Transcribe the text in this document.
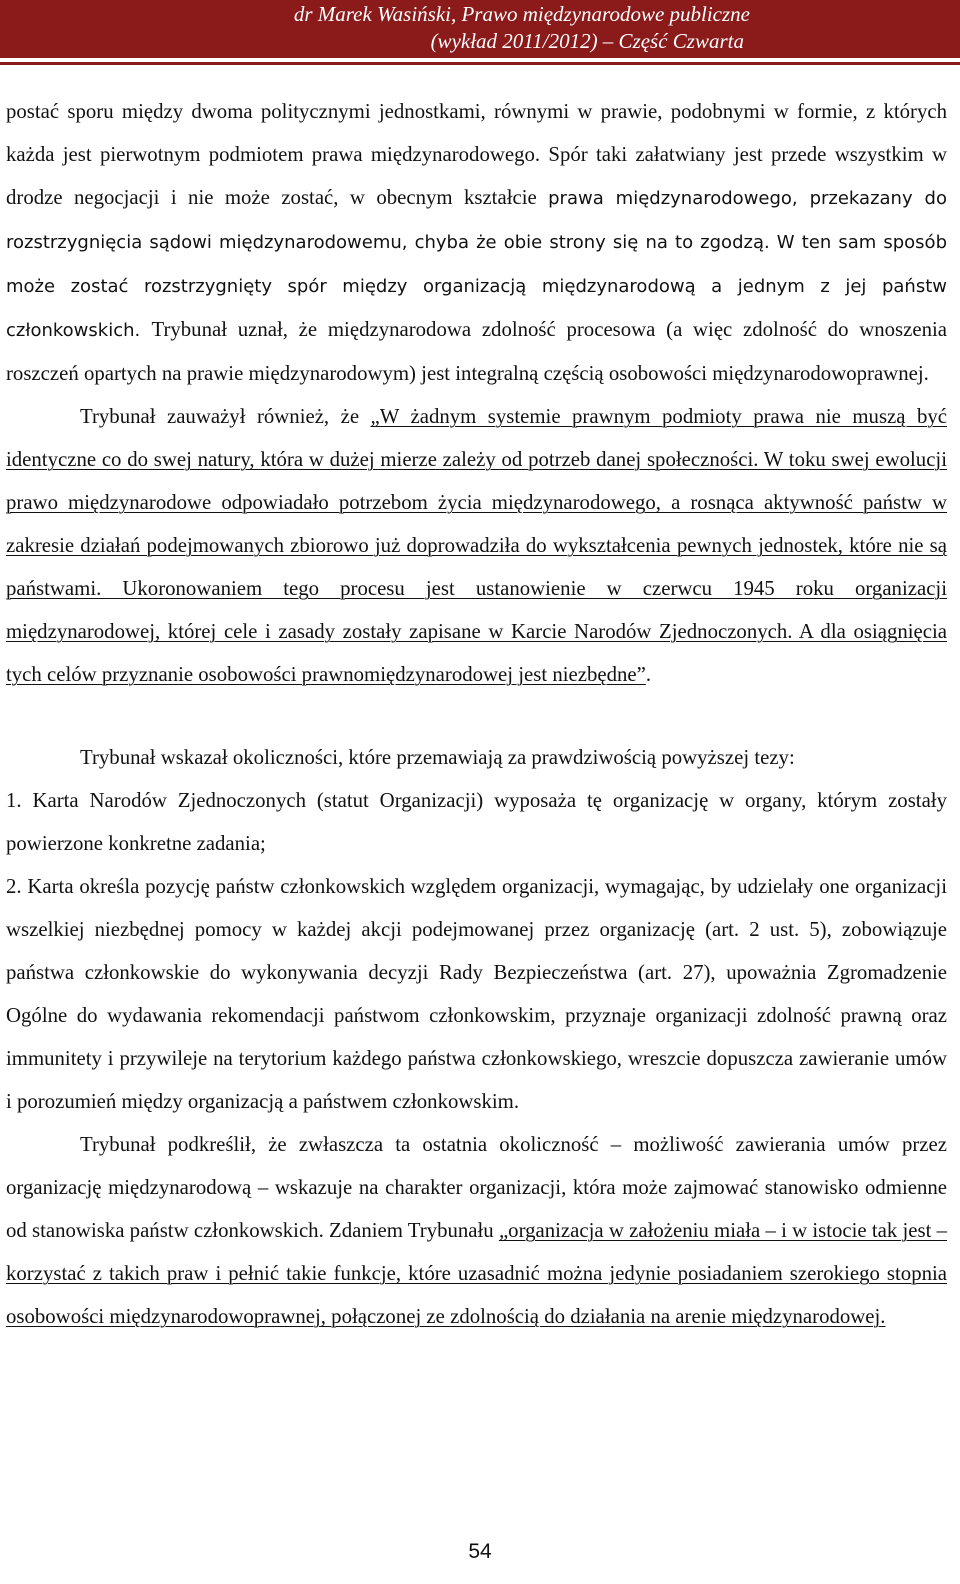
dr Marek Wasiński, Prawo międzynarodowe publiczne
(wykład 2011/2012) – Część Czwarta

postać sporu między dwoma politycznymi jednostkami, równymi w prawie, podobnymi w formie, z których każda jest pierwotnym podmiotem prawa międzynarodowego. Spór taki załatwiany jest przede wszystkim w drodze negocjacji i nie może zostać, w obecnym kształcie prawa międzynarodowego, przekazany do rozstrzygnięcia sądowi międzynarodowemu, chyba że obie strony się na to zgodzą. W ten sam sposób może zostać rozstrzygnięty spór między organizacją międzynarodową a jednym z jej państw członkowskich. Trybunał uznał, że międzynarodowa zdolność procesowa (a więc zdolność do wnoszenia roszczeń opartych na prawie międzynarodowym) jest integralną częścią osobowości międzynarodowoprawnej.

Trybunał zauważył również, że „W żadnym systemie prawnym podmioty prawa nie muszą być identyczne co do swej natury, która w dużej mierze zależy od potrzeb danej społeczności. W toku swej ewolucji prawo międzynarodowe odpowiadało potrzebom życia międzynarodowego, a rosnąca aktywność państw w zakresie działań podejmowanych zbiorowo już doprowadziła do wykształcenia pewnych jednostek, które nie są państwami. Ukoronowaniem tego procesu jest ustanowienie w czerwcu 1945 roku organizacji międzynarodowej, której cele i zasady zostały zapisane w Karcie Narodów Zjednoczonych. A dla osiągnięcia tych celów przyznanie osobowości prawnomiędzynarodowej jest niezbędne”.

Trybunał wskazał okoliczności, które przemawiają za prawdziwością powyższej tezy:

1. Karta Narodów Zjednoczonych (statut Organizacji) wyposaża tę organizację w organy, którym zostały powierzone konkretne zadania;

2. Karta określa pozycję państw członkowskich względem organizacji, wymagając, by udzielały one organizacji wszelkiej niezbędnej pomocy w każdej akcji podejmowanej przez organizację (art. 2 ust. 5), zobowiązuje państwa członkowskie do wykonywania decyzji Rady Bezpieczeństwa (art. 27), upoważnia Zgromadzenie Ogólne do wydawania rekomendacji państwom członkowskim, przyznaje organizacji zdolność prawną oraz immunitety i przywileje na terytorium każdego państwa członkowskiego, wreszcie dopuszcza zawieranie umów i porozumień między organizacją a państwem członkowskim.

Trybunał podkreślił, że zwłaszcza ta ostatnia okoliczność – możliwość zawierania umów przez organizację międzynarodową – wskazuje na charakter organizacji, która może zajmować stanowisko odmienne od stanowiska państw członkowskich. Zdaniem Trybunału „organizacja w założeniu miała – i w istocie tak jest – korzystać z takich praw i pełnić takie funkcje, które uzasadnić można jedynie posiadaniem szerokiego stopnia osobowości międzynarodowoprawnej, połączonej ze zdolnością do działania na arenie międzynarodowej.

54
